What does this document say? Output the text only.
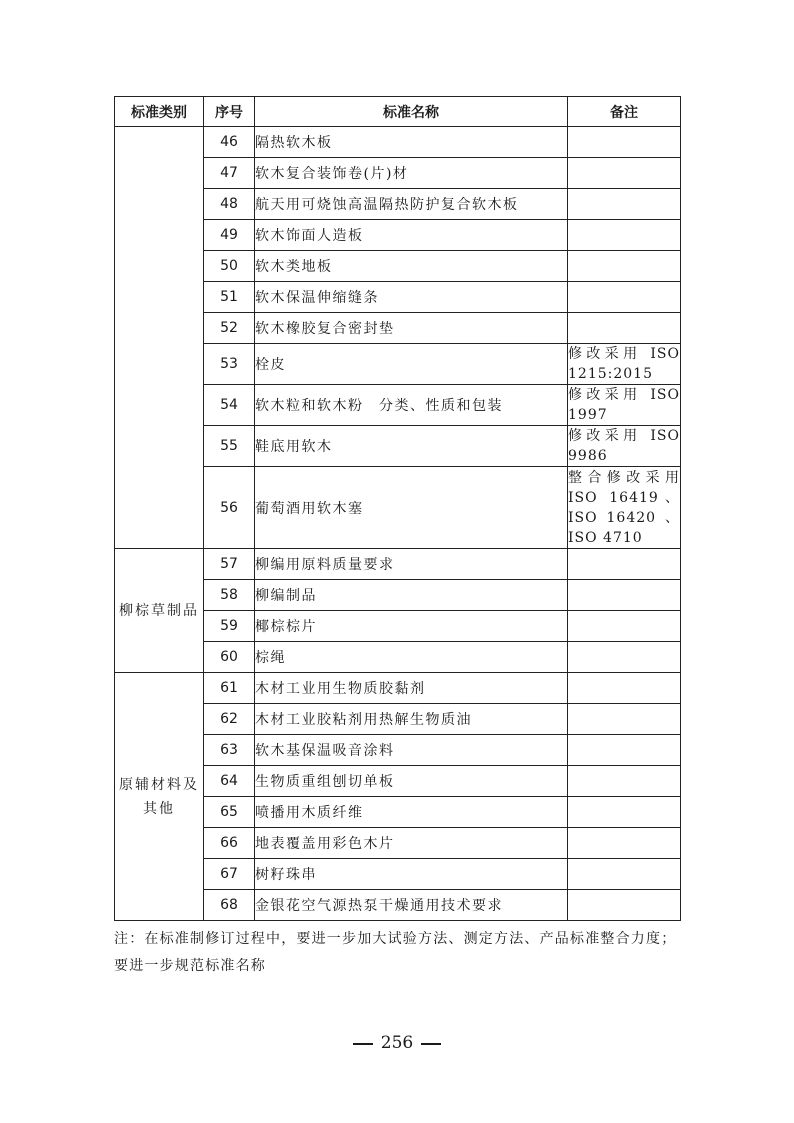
标准类别	序号	标准名称	备注
	46	隔热软木板	
	47	软木复合装饰卷(片)材	
	48	航天用可烧蚀高温隔热防护复合软木板	
	49	软木饰面人造板	
	50	软木类地板	
	51	软木保温伸缩缝条	
	52	软木橡胶复合密封垫	
	53	栓皮	修改采用 ISO 1215:2015
	54	软木粒和软木粉　分类、性质和包装	修改采用 ISO 1997
	55	鞋底用软木	修改采用 ISO 9986
	56	葡萄酒用软木塞	整合修改采用 ISO 16419、ISO 16420 、 ISO 4710
柳棕草制品	57	柳编用原料质量要求	
	58	柳编制品	
	59	椰棕棕片	
	60	棕绳	
原辅材料及其他	61	木材工业用生物质胶黏剂	
	62	木材工业胶粘剂用热解生物质油	
	63	软木基保温吸音涂料	
	64	生物质重组刨切单板	
	65	喷播用木质纤维	
	66	地表覆盖用彩色木片	
	67	树籽珠串	
	68	金银花空气源热泵干燥通用技术要求	
注：在标准制修订过程中，要进一步加大试验方法、测定方法、产品标准整合力度；要进一步规范标准名称
256
